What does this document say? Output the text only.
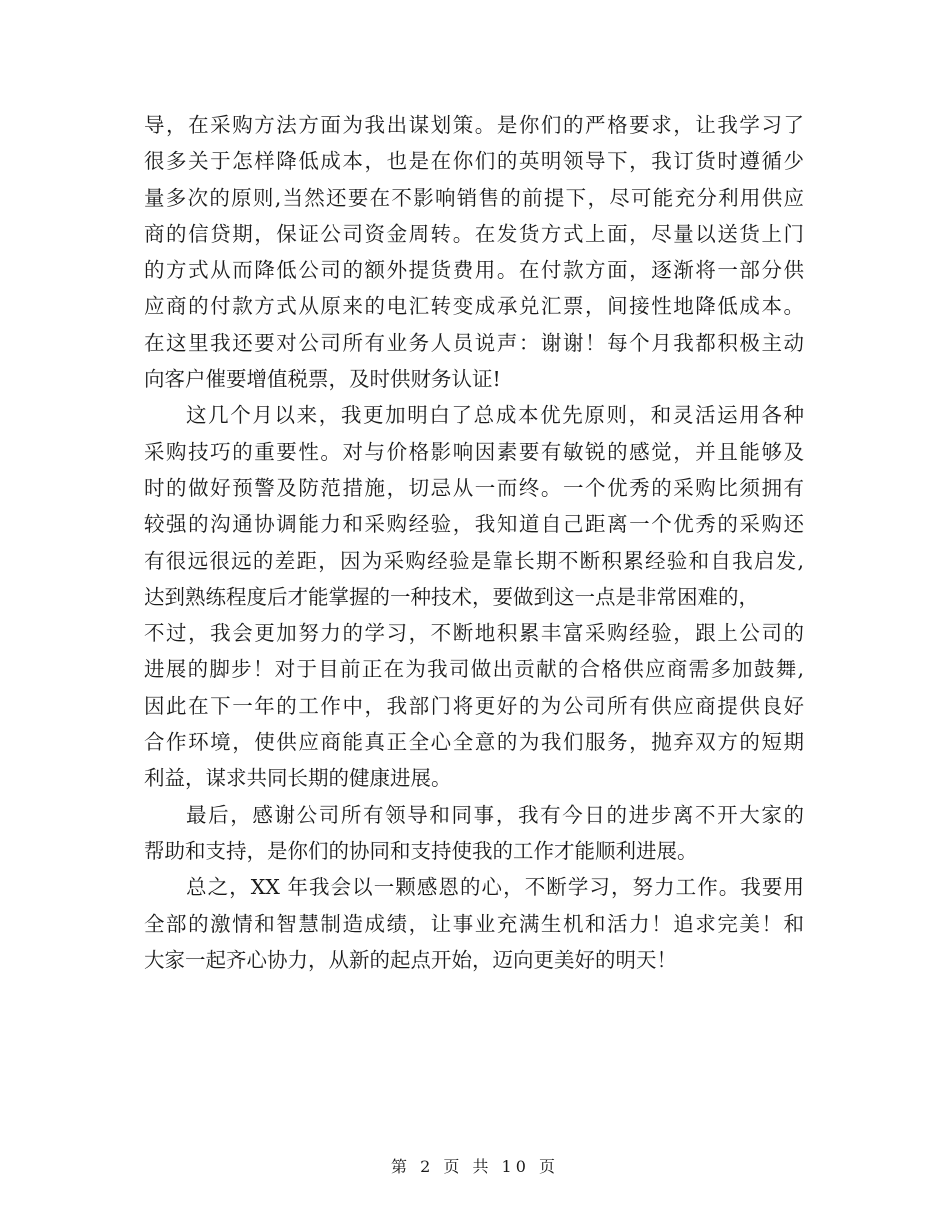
导，在采购方法方面为我出谋划策。是你们的严格要求，让我学习了
很多关于怎样降低成本，也是在你们的英明领导下，我订货时遵循少
量多次的原则,当然还要在不影响销售的前提下，尽可能充分利用供应
商的信贷期，保证公司资金周转。在发货方式上面，尽量以送货上门
的方式从而降低公司的额外提货费用。在付款方面，逐渐将一部分供
应商的付款方式从原来的电汇转变成承兑汇票，间接性地降低成本。
在这里我还要对公司所有业务人员说声：谢谢！每个月我都积极主动
向客户催要增值税票，及时供财务认证!
这几个月以来，我更加明白了总成本优先原则，和灵活运用各种
采购技巧的重要性。对与价格影响因素要有敏锐的感觉，并且能够及
时的做好预警及防范措施，切忌从一而终。一个优秀的采购比须拥有
较强的沟通协调能力和采购经验，我知道自己距离一个优秀的采购还
有很远很远的差距，因为采购经验是靠长期不断积累经验和自我启发,
达到熟练程度后才能掌握的一种技术，要做到这一点是非常困难的，
不过，我会更加努力的学习，不断地积累丰富采购经验，跟上公司的
进展的脚步！对于目前正在为我司做出贡献的合格供应商需多加鼓舞,
因此在下一年的工作中，我部门将更好的为公司所有供应商提供良好
合作环境，使供应商能真正全心全意的为我们服务，抛弃双方的短期
利益，谋求共同长期的健康进展。
最后，感谢公司所有领导和同事，我有今日的进步离不开大家的
帮助和支持，是你们的协同和支持使我的工作才能顺利进展。
总之，XX 年我会以一颗感恩的心，不断学习，努力工作。我要用
全部的激情和智慧制造成绩，让事业充满生机和活力！追求完美！和
大家一起齐心协力，从新的起点开始，迈向更美好的明天！
第 2 页 共 10 页
